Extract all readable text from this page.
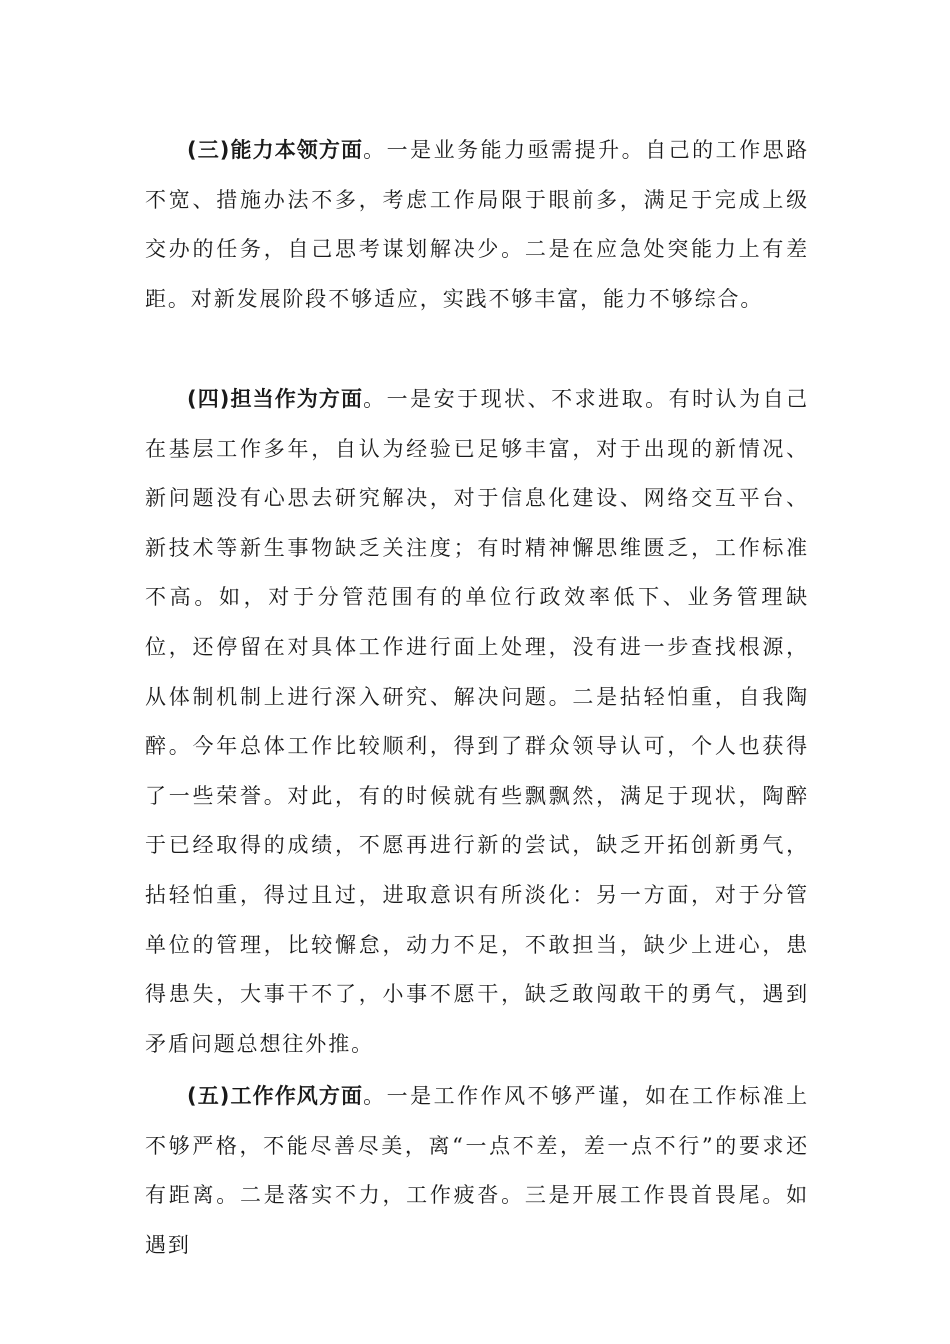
(三)能力本领方面。一是业务能力亟需提升。自己的工作思路不宽、措施办法不多，考虑工作局限于眼前多，满足于完成上级交办的任务，自己思考谋划解决少。二是在应急处突能力上有差距。对新发展阶段不够适应，实践不够丰富，能力不够综合。

(四)担当作为方面。一是安于现状、不求进取。有时认为自己在基层工作多年，自认为经验已足够丰富，对于出现的新情况、新问题没有心思去研究解决，对于信息化建设、网络交互平台、新技术等新生事物缺乏关注度；有时精神懈思维匮乏，工作标准不高。如，对于分管范围有的单位行政效率低下、业务管理缺位，还停留在对具体工作进行面上处理，没有进一步查找根源，从体制机制上进行深入研究、解决问题。二是拈轻怕重，自我陶醉。今年总体工作比较顺利，得到了群众领导认可，个人也获得了一些荣誉。对此，有的时候就有些飘飘然，满足于现状，陶醉于已经取得的成绩，不愿再进行新的尝试，缺乏开拓创新勇气，拈轻怕重，得过且过，进取意识有所淡化：另一方面，对于分管单位的管理，比较懈怠，动力不足，不敢担当，缺少上进心，患得患失，大事干不了，小事不愿干，缺乏敢闯敢干的勇气，遇到矛盾问题总想往外推。

(五)工作作风方面。一是工作作风不够严谨，如在工作标准上不够严格，不能尽善尽美，离“一点不差，差一点不行”的要求还有距离。二是落实不力，工作疲沓。三是开展工作畏首畏尾。如遇到
